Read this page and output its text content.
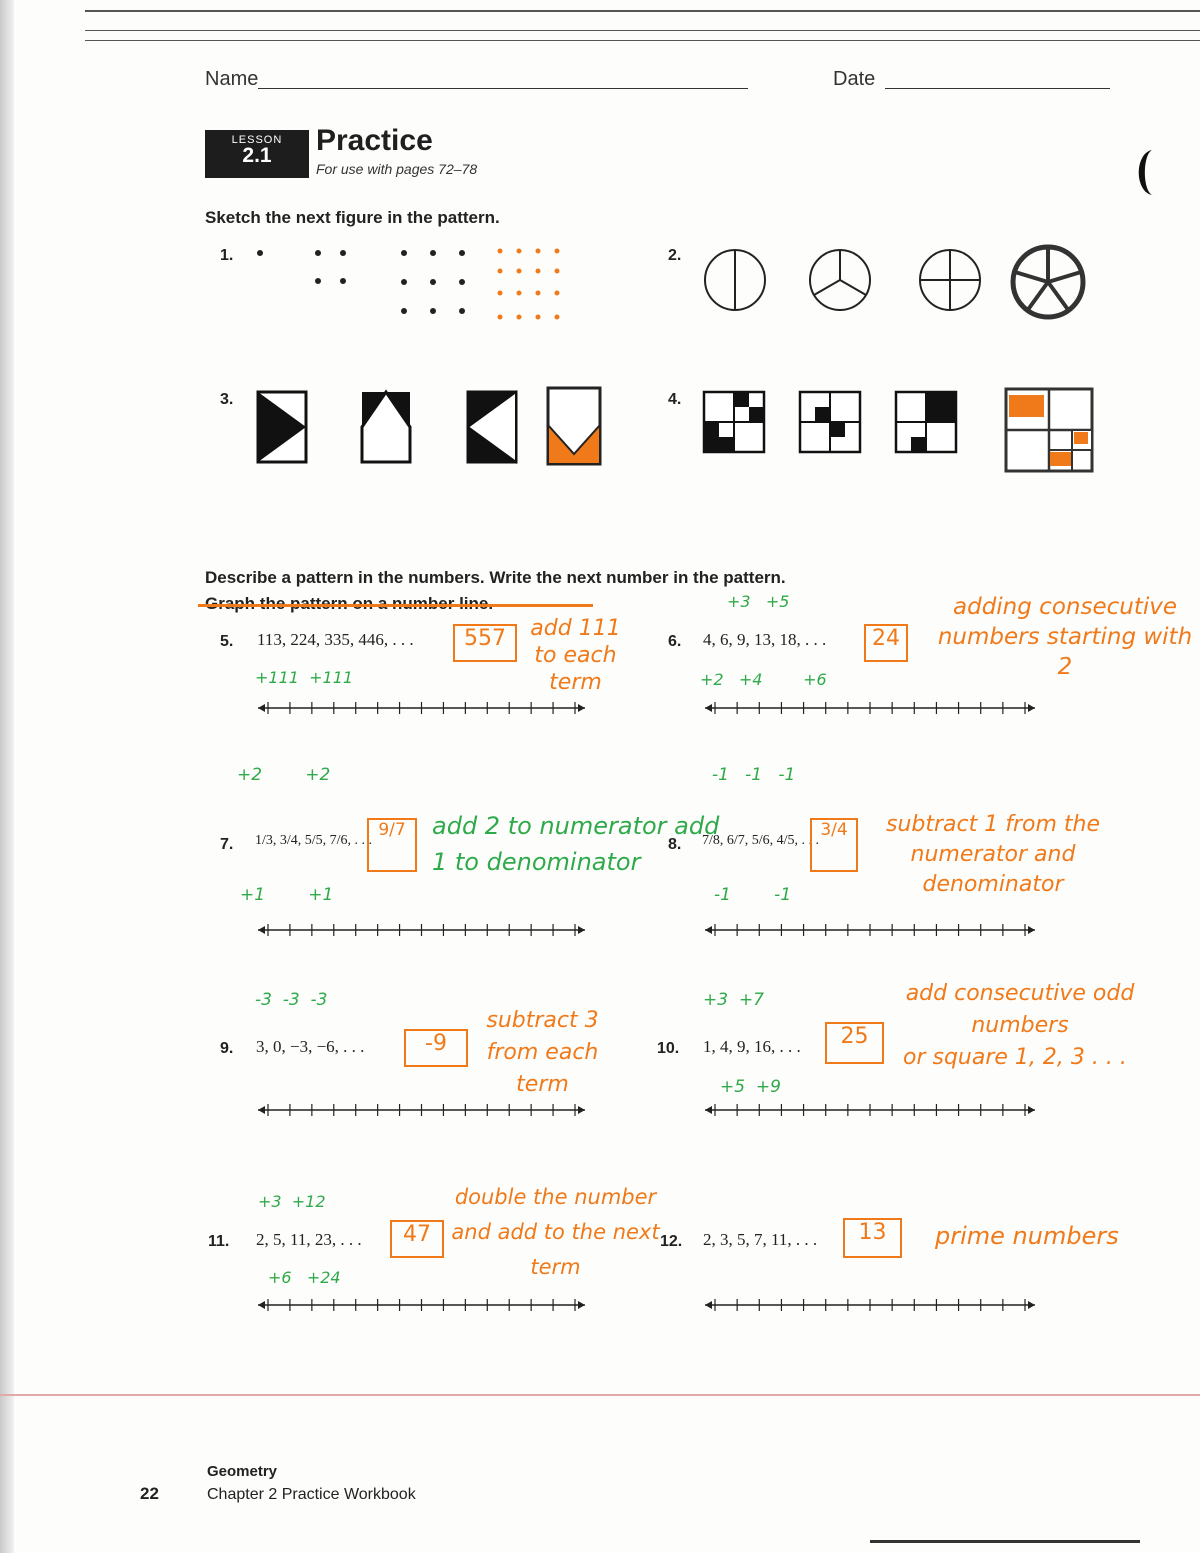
Name	Date
LESSON
2.1	Practice
For use with pages 72–78
Sketch the next figure in the pattern.
1.	2.
3.	4.
Describe a pattern in the numbers. Write the next number in the pattern.
5. 113, 224, 335, 446, . . .	557	add 111 to each term
+111  +111
6. 4, 6, 9, 13, 18, . . .	24
+3   +5
+2   +4        +6
adding consecutive numbers starting with 2
+2        +2
7. 1/3, 3/4, 5/5, 7/6, . . .
9/7
+1        +1
add 2 to numerator add 1 to denominator
-1   -1   -1
8. 7/8, 6/7, 5/6, 4/5, . . .
3/4
-1        -1
subtract 1 from the numerator and denominator
-3  -3  -3
9. 3, 0, −3, −6, . . .	-9
subtract 3 from each term
+3  +7
10. 1, 4, 9, 16, . . .	25
+5  +9
add consecutive odd numbers
or square 1, 2, 3 . . .
+3  +12
11. 2, 5, 11, 23, . . .	47
+6   +24
double the number and add to the next term
12. 2, 3, 5, 7, 11, . . .	13	prime numbers
22
Geometry
Chapter 2 Practice Workbook
